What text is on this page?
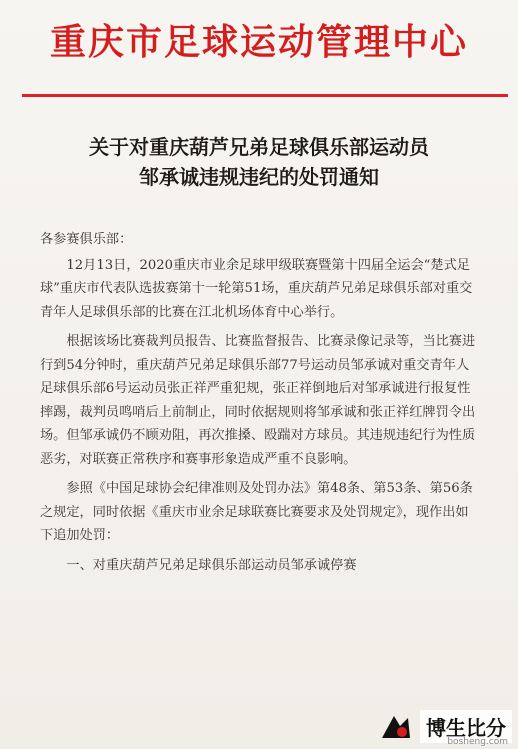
重庆市足球运动管理中心
关于对重庆葫芦兄弟足球俱乐部运动员
邹承诚违规违纪的处罚通知

各参赛俱乐部：

12月13日，2020重庆市业余足球甲级联赛暨第十四届全运会“楚式足球”重庆市代表队选拔赛第十一轮第51场，重庆葫芦兄弟足球俱乐部对重交青年人足球俱乐部的比赛在江北机场体育中心举行。

根据该场比赛裁判员报告、比赛监督报告、比赛录像记录等，当比赛进行到54分钟时，重庆葫芦兄弟足球俱乐部77号运动员邹承诚对重交青年人足球俱乐部6号运动员张正祥严重犯规，张正祥倒地后对邹承诚进行报复性摔踢，裁判员鸣哨后上前制止，同时依据规则将邹承诚和张正祥红牌罚令出场。但邹承诚仍不顾劝阻，再次推搡、殴踹对方球员。其违规违纪行为性质恶劣，对联赛正常秩序和赛事形象造成严重不良影响。

参照《中国足球协会纪律准则及处罚办法》第48条、第53条、第56条之规定，同时依据《重庆市业余足球联赛比赛要求及处罚规定》，现作出如下追加处罚：

一、对重庆葫芦兄弟足球俱乐部运动员邹承诚停赛

博生比分
bosheng.com
